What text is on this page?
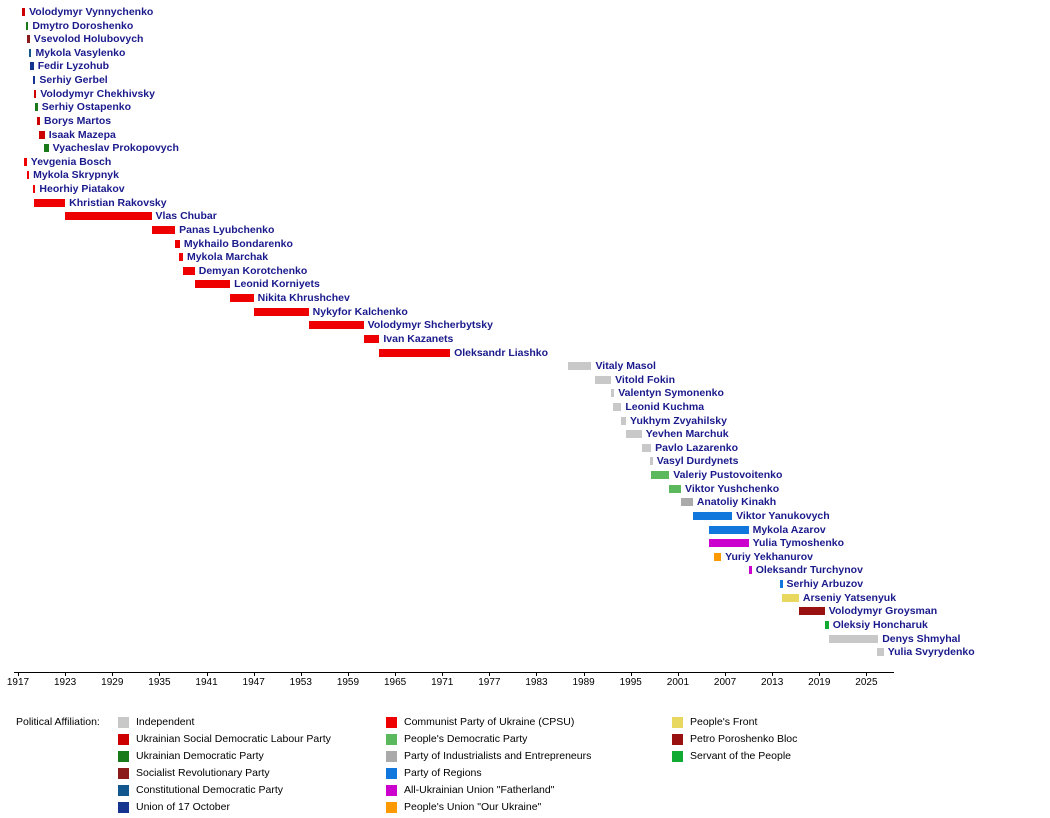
Volodymyr Vynnychenko
Dmytro Doroshenko
Vsevolod Holubovych
Mykola Vasylenko
Fedir Lyzohub
Serhiy Gerbel
Volodymyr Chekhivsky
Serhiy Ostapenko
Borys Martos
Isaak Mazepa
Vyacheslav Prokopovych
Yevgenia Bosch
Mykola Skrypnyk
Heorhiy Piatakov
Khristian Rakovsky
Vlas Chubar
Panas Lyubchenko
Mykhailo Bondarenko
Mykola Marchak
Demyan Korotchenko
Leonid Korniyets
Nikita Khrushchev
Nykyfor Kalchenko
Volodymyr Shcherbytsky
Ivan Kazanets
Oleksandr Liashko
Vitaly Masol
Vitold Fokin
Valentyn Symonenko
Leonid Kuchma
Yukhym Zvyahilsky
Yevhen Marchuk
Pavlo Lazarenko
Vasyl Durdynets
Valeriy Pustovoitenko
Viktor Yushchenko
Anatoliy Kinakh
Viktor Yanukovych
Mykola Azarov
Yulia Tymoshenko
Yuriy Yekhanurov
Oleksandr Turchynov
Serhiy Arbuzov
Arseniy Yatsenyuk
Volodymyr Groysman
Oleksiy Honcharuk
Denys Shmyhal
Yulia Svyrydenko
1917 1923 1929 1935 1941 1947 1953 1959 1965 1971 1977 1983 1989 1995 2001 2007 2013 2019 2025
Political Affiliation:	Independent
Ukrainian Social Democratic Labour Party
Ukrainian Democratic Party
Socialist Revolutionary Party
Constitutional Democratic Party
Union of 17 October
Communist Party of Ukraine (CPSU)
People's Democratic Party
Party of Industrialists and Entrepreneurs
Party of Regions
All-Ukrainian Union "Fatherland"
People's Union "Our Ukraine"
People's Front
Petro Poroshenko Bloc
Servant of the People
